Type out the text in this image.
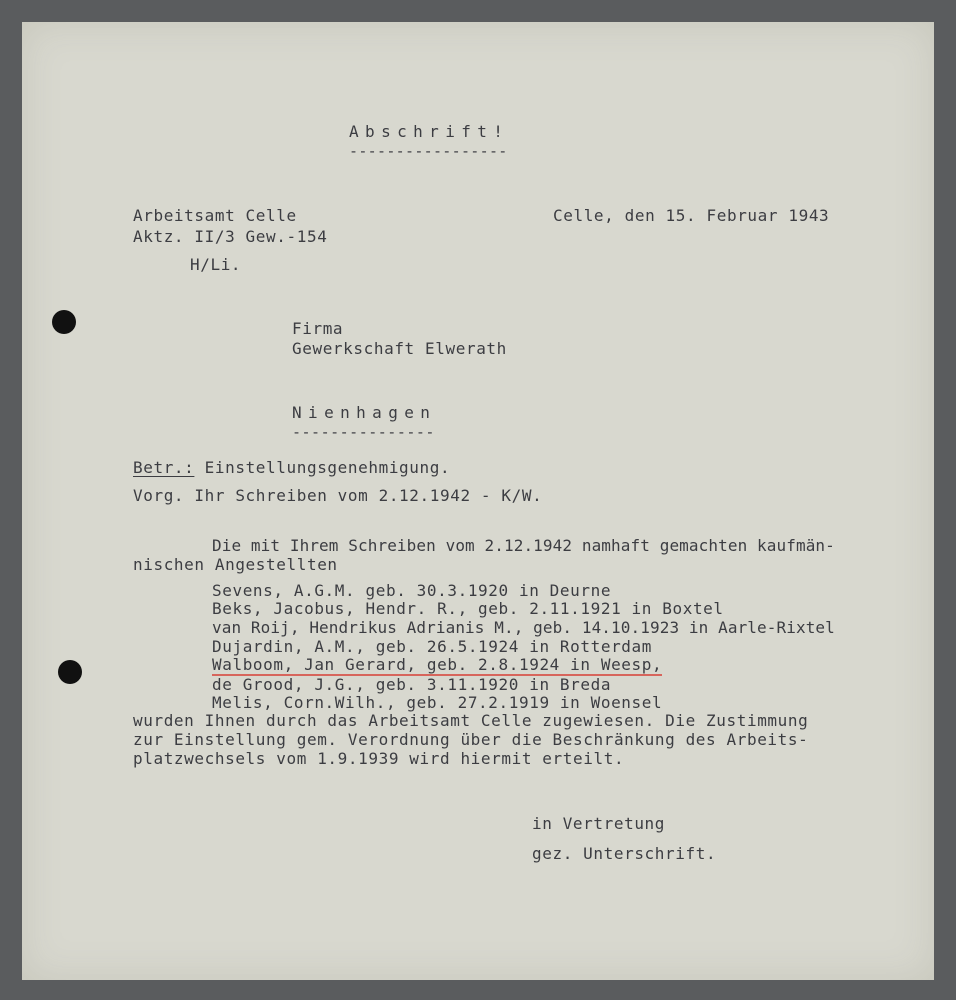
Abschrift!
-----------------
Arbeitsamt Celle
Aktz. II/3 Gew.-154
H/Li.
Celle, den 15. Februar 1943
Firma
Gewerkschaft Elwerath
Nienhagen
---------------
Betr.: Einstellungsgenehmigung.
Vorg. Ihr Schreiben vom 2.12.1942 - K/W.
Die mit Ihrem Schreiben vom 2.12.1942 namhaft gemachten kaufmän-
nischen Angestellten
Sevens, A.G.M. geb. 30.3.1920 in Deurne
Beks, Jacobus, Hendr. R., geb. 2.11.1921 in Boxtel
van Roij, Hendrikus Adrianis M., geb. 14.10.1923 in Aarle-Rixtel
Dujardin, A.M., geb. 26.5.1924 in Rotterdam
Walboom, Jan Gerard, geb. 2.8.1924 in Weesp,
de Grood, J.G., geb. 3.11.1920 in Breda
Melis, Corn.Wilh., geb. 27.2.1919 in Woensel
wurden Ihnen durch das Arbeitsamt Celle zugewiesen. Die Zustimmung
zur Einstellung gem. Verordnung über die Beschränkung des Arbeits-
platzwechsels vom 1.9.1939 wird hiermit erteilt.
in Vertretung
gez. Unterschrift.
